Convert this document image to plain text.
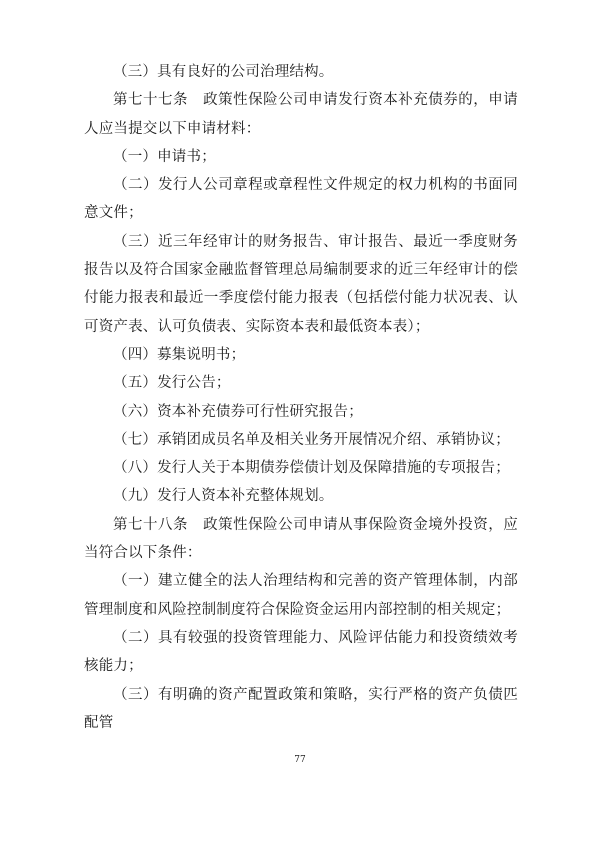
（三）具有良好的公司治理结构。

第七十七条　政策性保险公司申请发行资本补充债券的，申请人应当提交以下申请材料：

（一）申请书；

（二）发行人公司章程或章程性文件规定的权力机构的书面同意文件；

（三）近三年经审计的财务报告、审计报告、最近一季度财务报告以及符合国家金融监督管理总局编制要求的近三年经审计的偿付能力报表和最近一季度偿付能力报表（包括偿付能力状况表、认可资产表、认可负债表、实际资本表和最低资本表）；

（四）募集说明书；

（五）发行公告；

（六）资本补充债券可行性研究报告；

（七）承销团成员名单及相关业务开展情况介绍、承销协议；

（八）发行人关于本期债券偿债计划及保障措施的专项报告；

（九）发行人资本补充整体规划。

第七十八条　政策性保险公司申请从事保险资金境外投资，应当符合以下条件：

（一）建立健全的法人治理结构和完善的资产管理体制，内部管理制度和风险控制制度符合保险资金运用内部控制的相关规定；

（二）具有较强的投资管理能力、风险评估能力和投资绩效考核能力；

（三）有明确的资产配置政策和策略，实行严格的资产负债匹配管

77
